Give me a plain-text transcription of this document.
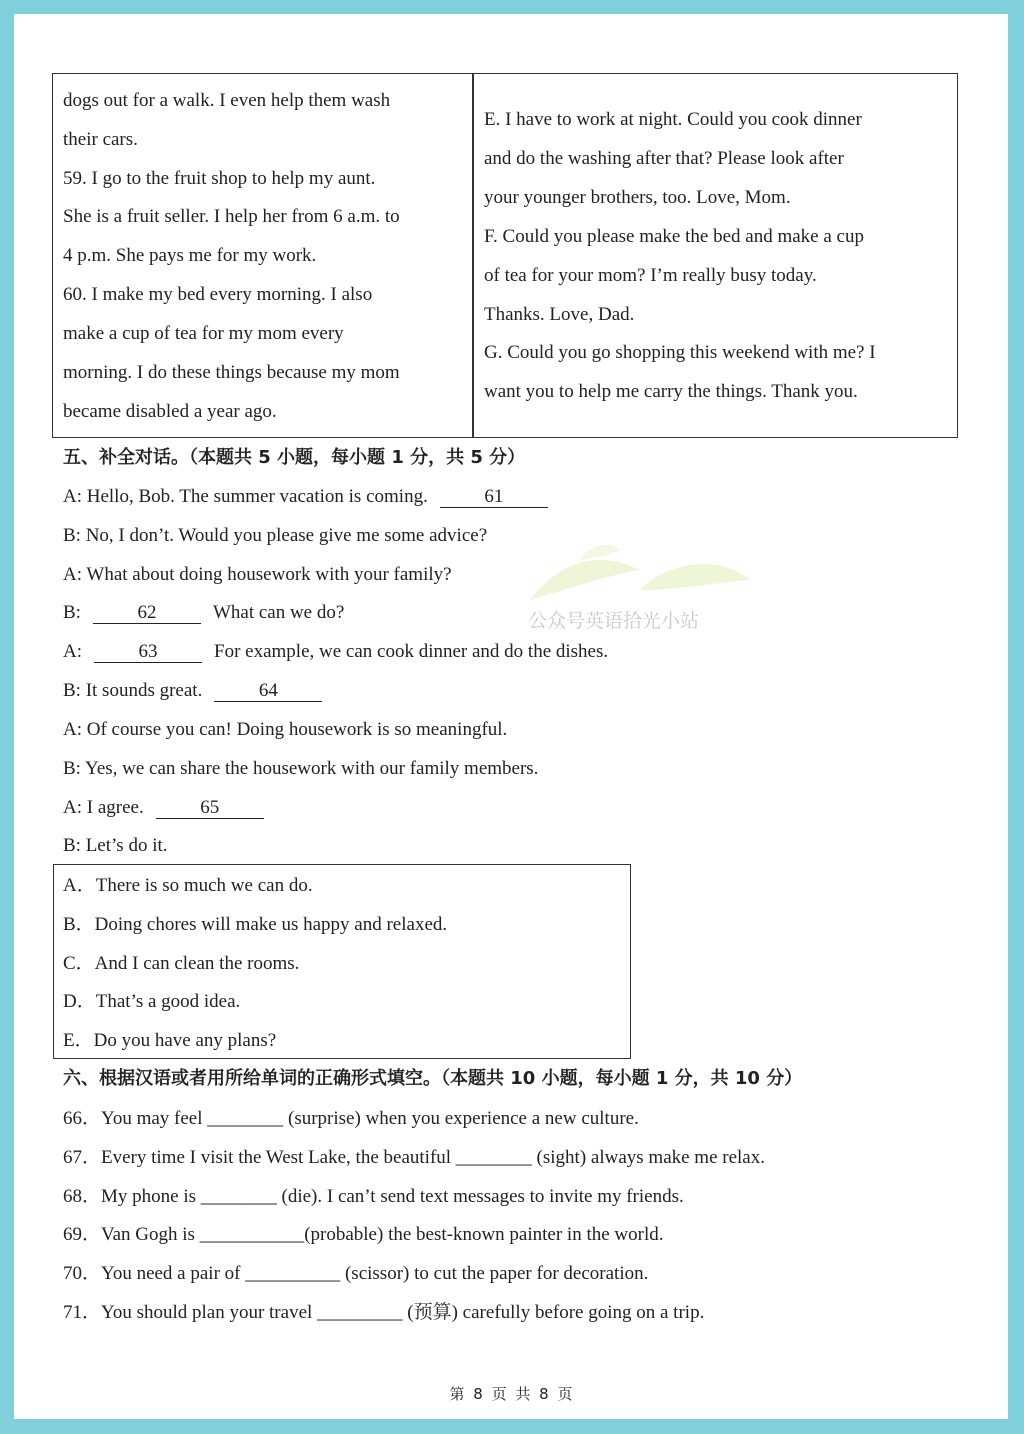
dogs out for a walk. I even help them wash
their cars.
59. I go to the fruit shop to help my aunt.
She is a fruit seller. I help her from 6 a.m. to
4 p.m. She pays me for my work.
60. I make my bed every morning. I also
make a cup of tea for my mom every
morning. I do these things because my mom
became disabled a year ago.
E. I have to work at night. Could you cook dinner
and do the washing after that? Please look after
your younger brothers, too. Love, Mom.
F. Could you please make the bed and make a cup
of tea for your mom? I’m really busy today.
Thanks. Love, Dad.
G. Could you go shopping this weekend with me? I
want you to help me carry the things. Thank you.
五、补全对话。（本题共 5 小题，每小题 1 分，共 5 分）
A: Hello, Bob. The summer vacation is coming.	61
B: No, I don’t. Would you please give me some advice?
A: What about doing housework with your family?
B:	62	What can we do?
A:	63	For example, we can cook dinner and do the dishes.
B: It sounds great.	64
A: Of course you can! Doing housework is so meaningful.
B: Yes, we can share the housework with our family members.
A: I agree.	65
B: Let’s do it.
公众号英语拾光小站
A．There is so much we can do.
B．Doing chores will make us happy and relaxed.
C．And I can clean the rooms.
D．That’s a good idea.
E．Do you have any plans?
六、根据汉语或者用所给单词的正确形式填空。（本题共 10 小题，每小题 1 分，共 10 分）
66．You may feel ________ (surprise) when you experience a new culture.
67．Every time I visit the West Lake, the beautiful ________ (sight) always make me relax.
68．My phone is ________ (die). I can’t send text messages to invite my friends.
69．Van Gogh is ___________(probable) the best-known painter in the world.
70．You need a pair of __________ (scissor) to cut the paper for decoration.
71．You should plan your travel _________ (预算) carefully before going on a trip.
第 8 页 共 8 页
